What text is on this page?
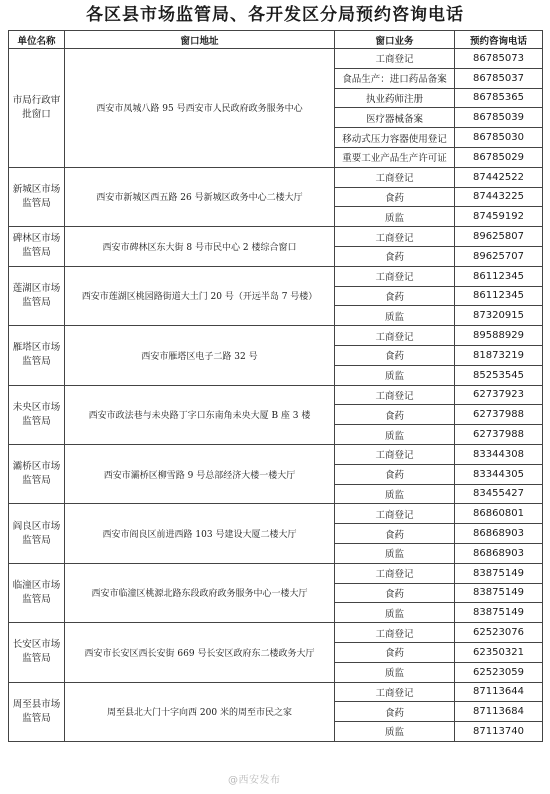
各区县市场监管局、各开发区分局预约咨询电话
单位名称	窗口地址	窗口业务	预约咨询电话
市局行政审批窗口	西安市凤城八路 95 号西安市人民政府政务服务中心	工商登记	86785073
		食品生产：进口药品备案	86785037
		执业药师注册	86785365
		医疗器械备案	86785039
		移动式压力容器使用登记	86785030
		重要工业产品生产许可证	86785029
新城区市场监管局	西安市新城区西五路 26 号新城区政务中心二楼大厅	工商登记	87442522
		食药	87443225
		质监	87459192
碑林区市场监管局	西安市碑林区东大街 8 号市民中心 2 楼综合窗口	工商登记	89625807
		食药	89625707
莲湖区市场监管局	西安市莲湖区桃园路街道大土门 20 号（开远半岛 7 号楼）	工商登记	86112345
		食药	86112345
		质监	87320915
雁塔区市场监管局	西安市雁塔区电子二路 32 号	工商登记	89588929
		食药	81873219
		质监	85253545
未央区市场监管局	西安市政法巷与未央路丁字口东南角未央大厦 B 座 3 楼	工商登记	62737923
		食药	62737988
		质监	62737988
灞桥区市场监管局	西安市灞桥区柳雪路 9 号总部经济大楼一楼大厅	工商登记	83344308
		食药	83344305
		质监	83455427
阎良区市场监管局	西安市阎良区前进西路 103 号建设大厦二楼大厅	工商登记	86860801
		食药	86868903
		质监	86868903
临潼区市场监管局	西安市临潼区桃源北路东段政府政务服务中心一楼大厅	工商登记	83875149
		食药	83875149
		质监	83875149
长安区市场监管局	西安市长安区西长安街 669 号长安区政府东二楼政务大厅	工商登记	62523076
		食药	62350321
		质监	62523059
周至县市场监管局	周至县北大门十字向西 200 米的周至市民之家	工商登记	87113644
		食药	87113684
		质监	87113740
@西安发布
